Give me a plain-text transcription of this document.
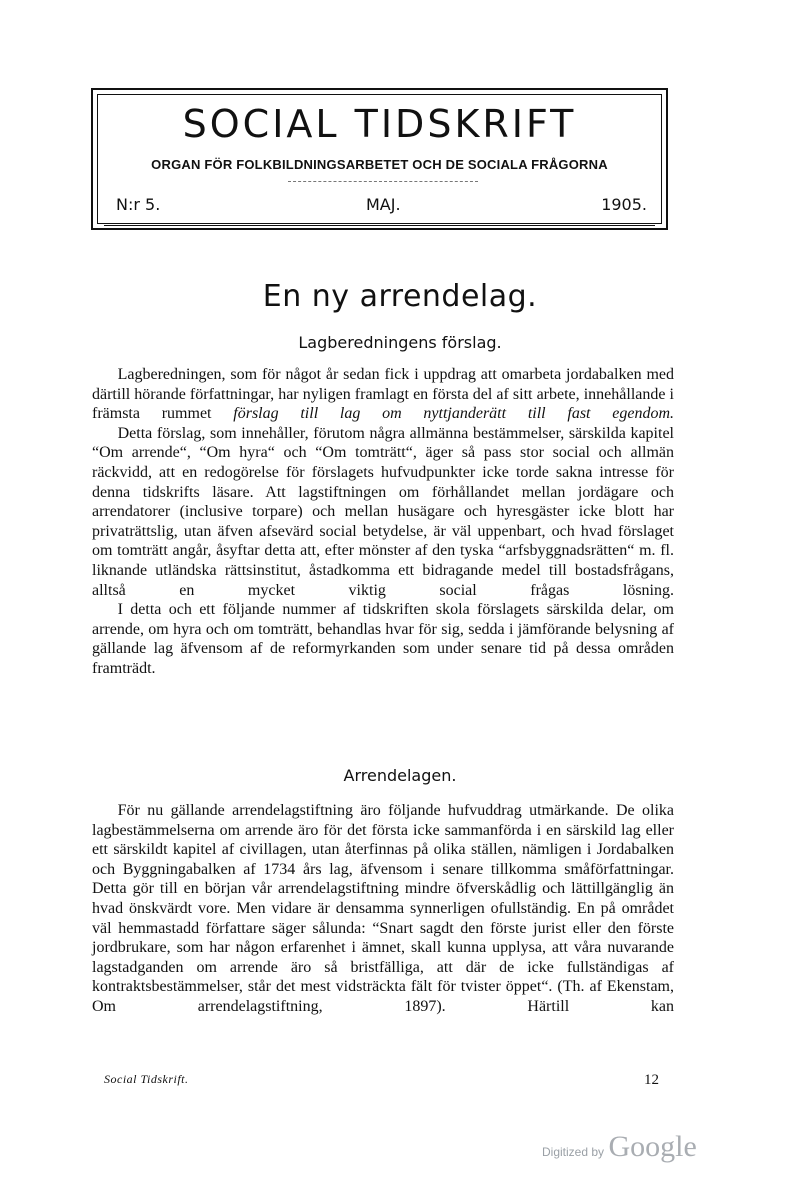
SOCIAL TIDSKRIFT
ORGAN FÖR FOLKBILDNINGSARBETET OCH DE SOCIALA FRÅGORNA
N:r 5.	MAJ.	1905.
En ny arrendelag.
Lagberedningens förslag.

Lagberedningen, som för något år sedan fick i uppdrag att omarbeta jordabalken med därtill hörande författningar, har nyligen framlagt en första del af sitt arbete, innehållande i främsta rummet förslag till lag om nyttjanderätt till fast egendom.

Detta förslag, som innehåller, förutom några allmänna bestämmelser, särskilda kapitel “Om arrende“, “Om hyra“ och “Om tomträtt“, äger så pass stor social och allmän räckvidd, att en redogörelse för förslagets hufvudpunkter icke torde sakna intresse för denna tidskrifts läsare. Att lagstiftningen om förhållandet mellan jordägare och arrendatorer (inclusive torpare) och mellan husägare och hyresgäster icke blott har privaträttslig, utan äfven afsevärd social betydelse, är väl uppenbart, och hvad förslaget om tomträtt angår, åsyftar detta att, efter mönster af den tyska “arfsbyggnadsrätten“ m. fl. liknande utländska rättsinstitut, åstadkomma ett bidragande medel till bostadsfrågans, alltså en mycket viktig social frågas lösning.

I detta och ett följande nummer af tidskriften skola förslagets särskilda delar, om arrende, om hyra och om tomträtt, behandlas hvar för sig, sedda i jämförande belysning af gällande lag äfvensom af de reformyrkanden som under senare tid på dessa områden framträdt.

Arrendelagen.

För nu gällande arrendelagstiftning äro följande hufvuddrag utmärkande. De olika lagbestämmelserna om arrende äro för det första icke sammanförda i en särskild lag eller ett särskildt kapitel af civillagen, utan återfinnas på olika ställen, nämligen i Jordabalken och Byggningabalken af 1734 års lag, äfvensom i senare tillkomma småförfattningar. Detta gör till en början vår arrendelagstiftning mindre öfverskådlig och lättillgänglig än hvad önskvärdt vore. Men vidare är densamma synnerligen ofullständig. En på området väl hemmastadd författare säger sålunda: “Snart sagdt den förste jurist eller den förste jordbrukare, som har någon erfarenhet i ämnet, skall kunna upplysa, att våra nuvarande lagstadganden om arrende äro så bristfälliga, att där de icke fullständigas af kontraktsbestämmelser, står det mest vidsträckta fält för tvister öppet“. (Th. af Ekenstam, Om arrendelagstiftning, 1897). Härtill kan

Social Tidskrift.	12
Digitized by Google
